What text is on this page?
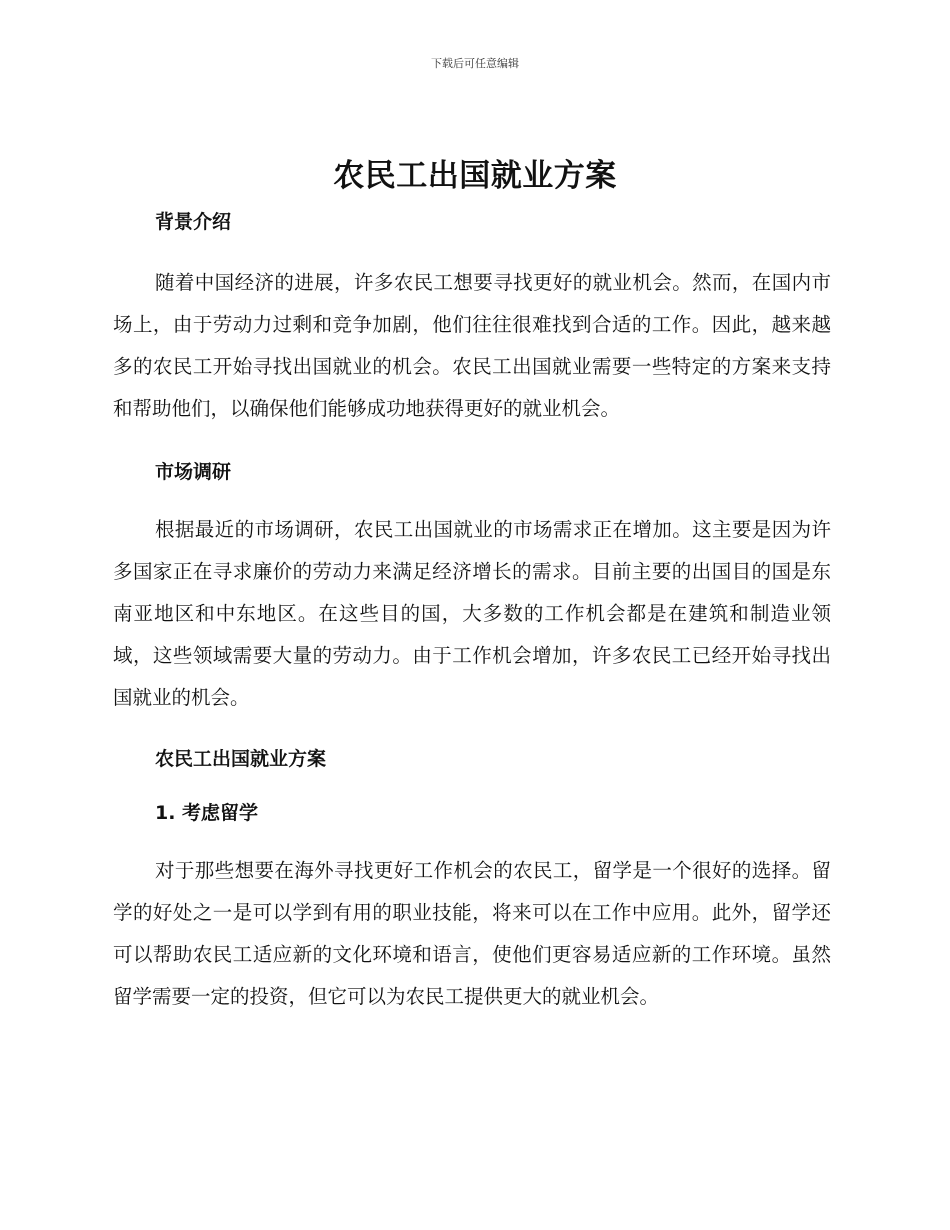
下载后可任意编辑
农民工出国就业方案
背景介绍

随着中国经济的进展，许多农民工想要寻找更好的就业机会。然而，在国内市场上，由于劳动力过剩和竞争加剧，他们往往很难找到合适的工作。因此，越来越多的农民工开始寻找出国就业的机会。农民工出国就业需要一些特定的方案来支持和帮助他们，以确保他们能够成功地获得更好的就业机会。

市场调研

根据最近的市场调研，农民工出国就业的市场需求正在增加。这主要是因为许多国家正在寻求廉价的劳动力来满足经济增长的需求。目前主要的出国目的国是东南亚地区和中东地区。在这些目的国，大多数的工作机会都是在建筑和制造业领域，这些领域需要大量的劳动力。由于工作机会增加，许多农民工已经开始寻找出国就业的机会。

农民工出国就业方案
1. 考虑留学

对于那些想要在海外寻找更好工作机会的农民工，留学是一个很好的选择。留学的好处之一是可以学到有用的职业技能，将来可以在工作中应用。此外，留学还可以帮助农民工适应新的文化环境和语言，使他们更容易适应新的工作环境。虽然留学需要一定的投资，但它可以为农民工提供更大的就业机会。
